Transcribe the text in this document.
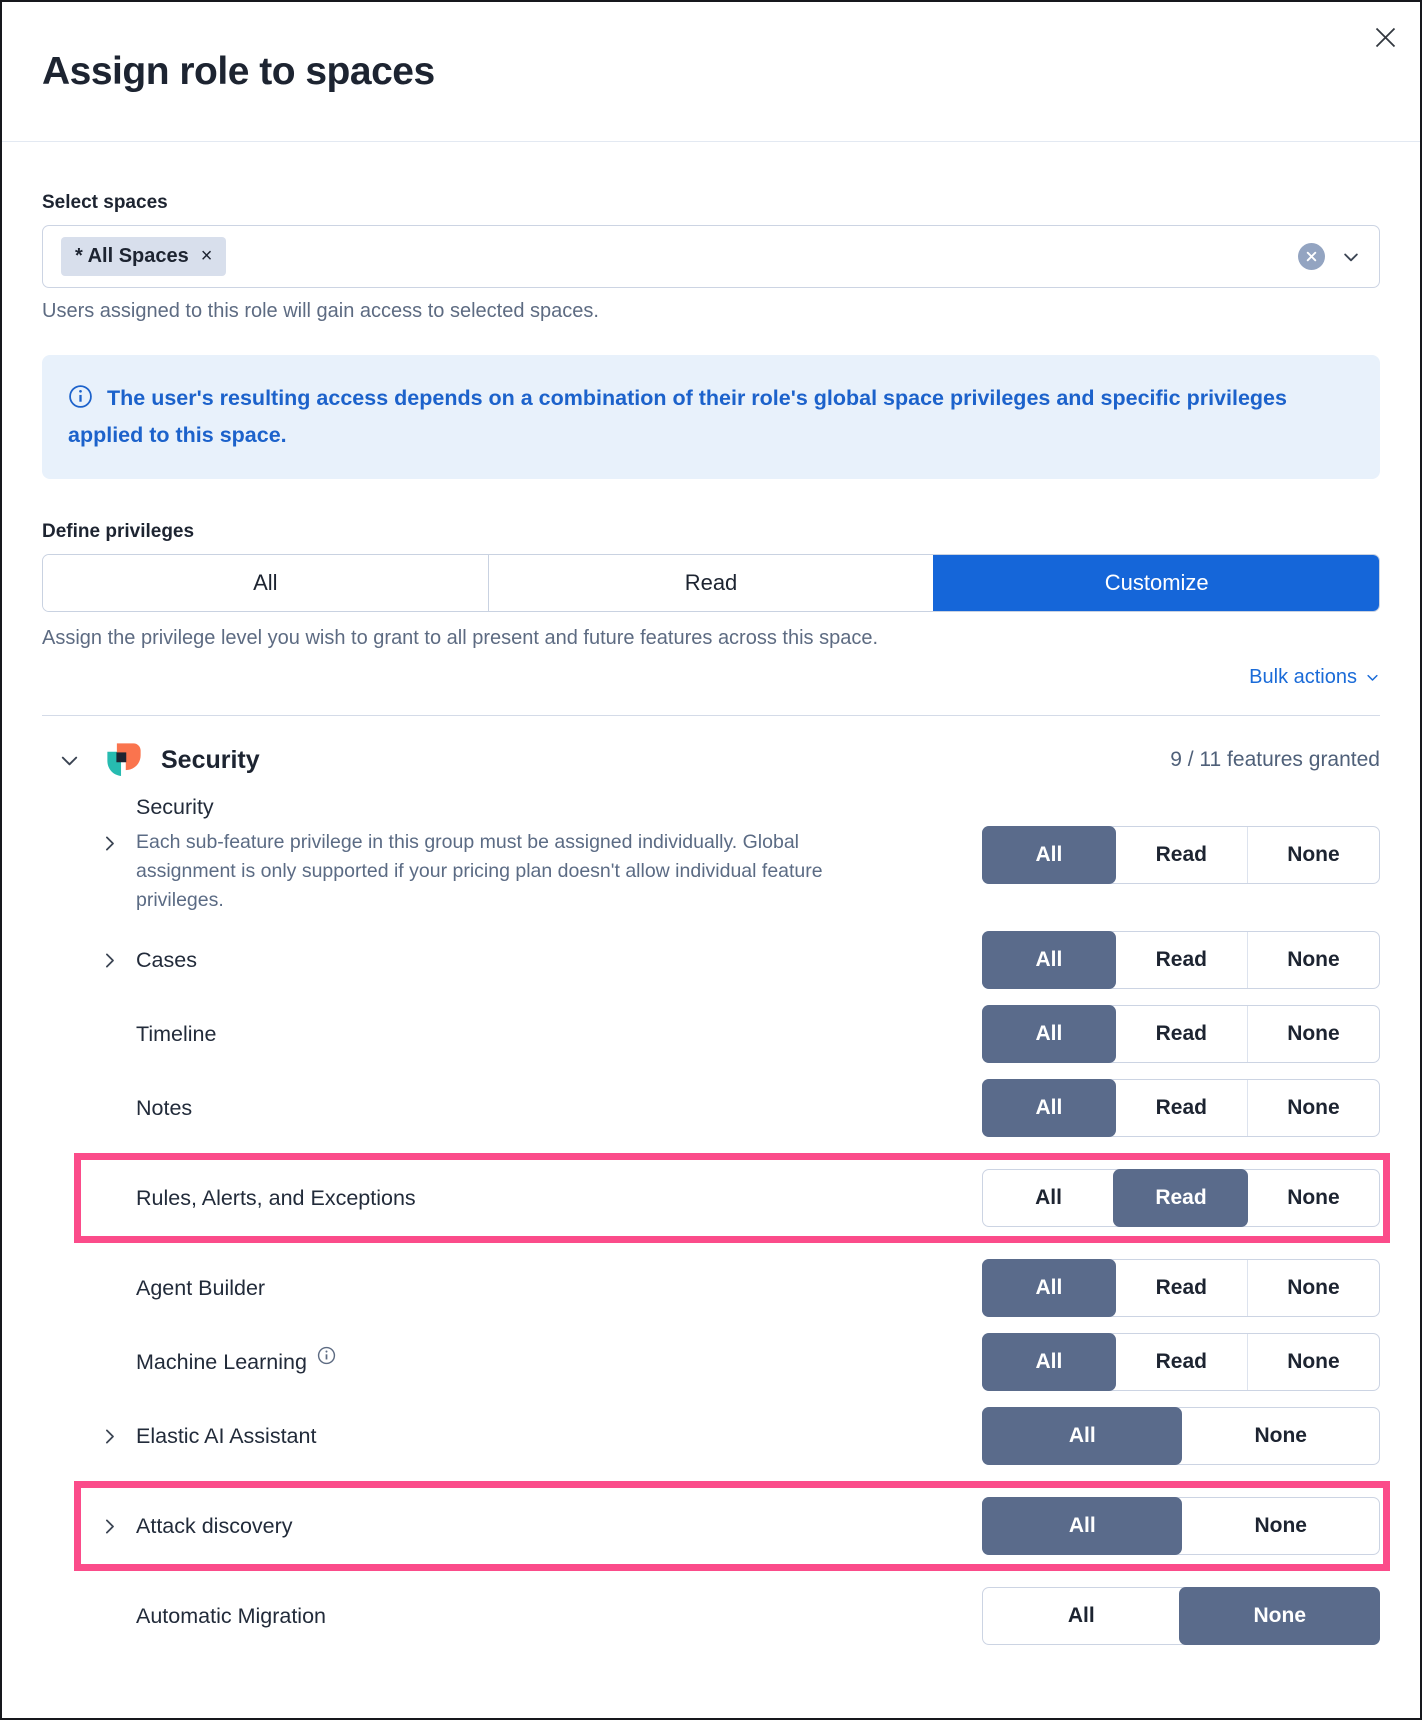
Assign role to spaces
Select spaces
* All Spaces ×

Users assigned to this role will gain access to selected spaces.

The user's resulting access depends on a combination of their role's global space privileges and specific privileges applied to this space.

Define privileges
All	Read	Customize

Assign the privilege level you wish to grant to all present and future features across this space.

Bulk actions
Security	9 / 11 features granted
Security

Each sub-feature privilege in this group must be assigned individually. Global assignment is only supported if your pricing plan doesn't allow individual feature privileges.

All	Read	None
Cases	All	Read	None
Timeline	All	Read	None
Notes	All	Read	None
Rules, Alerts, and Exceptions	All	Read	None
Agent Builder	All	Read	None
Machine Learning	All	Read	None
Elastic AI Assistant	All	None
Attack discovery	All	None
Automatic Migration	All	None
